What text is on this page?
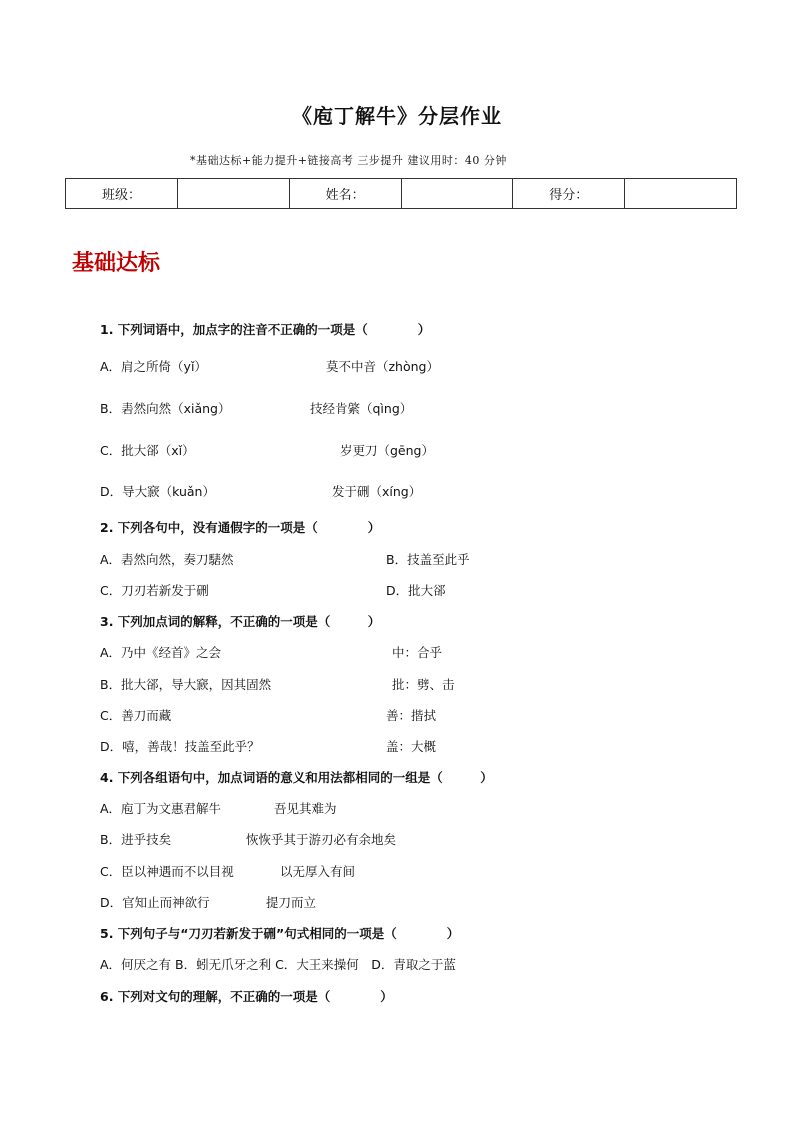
《庖丁解牛》分层作业
*基础达标+能力提升+链接高考 三步提升 建议用时：40 分钟
班级：		姓名：		得分：	
基础达标
1. 下列词语中，加点字的注音不正确的一项是（　　　　）
A．肩之所倚（yǐ）	莫不中音（zhòng）
B．砉然向然（xiǎng）	技经肯綮（qìng）
C．批大郤（xǐ）	岁更刀（gēng）
D．导大窾（kuǎn）	发于硎（xíng）
2. 下列各句中，没有通假字的一项是（　　　　）
A．砉然向然，奏刀騞然	B．技盖至此乎
C．刀刃若新发于硎	D．批大郤
3. 下列加点词的解释，不正确的一项是（　　　）
A．乃中《经首》之会	中：合乎
B．批大郤，导大窾，因其固然	批：劈、击
C．善刀而藏	善：揩拭
D．嘻，善哉！技盖至此乎？	盖：大概
4. 下列各组语句中，加点词语的意义和用法都相同的一组是（　　　）
A．庖丁为文惠君解牛	吾见其难为
B．进乎技矣	恢恢乎其于游刃必有余地矣
C．臣以神遇而不以目视	以无厚入有间
D．官知止而神欲行	提刀而立
5. 下列句子与“刀刃若新发于硎”句式相同的一项是（　　　　）
A．何厌之有 B．蚓无爪牙之利 C．大王来操何　D．青取之于蓝
6. 下列对文句的理解，不正确的一项是（　　　　）
